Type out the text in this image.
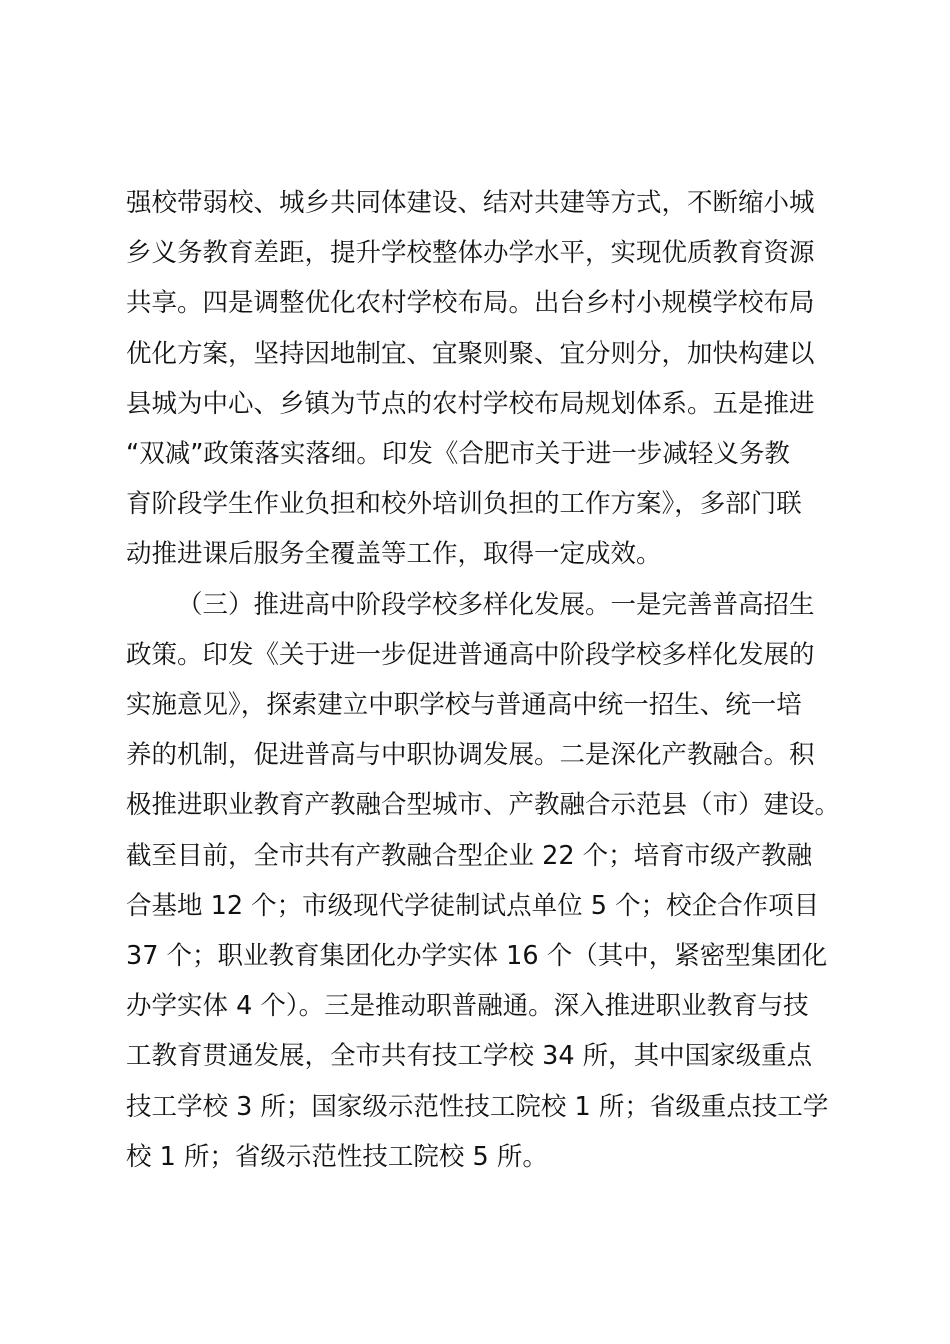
强校带弱校、城乡共同体建设、结对共建等方式，不断缩小城
乡义务教育差距，提升学校整体办学水平，实现优质教育资源
共享。四是调整优化农村学校布局。出台乡村小规模学校布局
优化方案，坚持因地制宜、宜聚则聚、宜分则分，加快构建以
县城为中心、乡镇为节点的农村学校布局规划体系。五是推进
“双减”政策落实落细。印发《合肥市关于进一步减轻义务教
育阶段学生作业负担和校外培训负担的工作方案》，多部门联
动推进课后服务全覆盖等工作，取得一定成效。
（三）推进高中阶段学校多样化发展。一是完善普高招生
政策。印发《关于进一步促进普通高中阶段学校多样化发展的
实施意见》，探索建立中职学校与普通高中统一招生、统一培
养的机制，促进普高与中职协调发展。二是深化产教融合。积
极推进职业教育产教融合型城市、产教融合示范县（市）建设。
截至目前，全市共有产教融合型企业 22 个；培育市级产教融
合基地 12 个；市级现代学徒制试点单位 5 个；校企合作项目
37 个；职业教育集团化办学实体 16 个（其中，紧密型集团化
办学实体 4 个）。三是推动职普融通。深入推进职业教育与技
工教育贯通发展，全市共有技工学校 34 所，其中国家级重点
技工学校 3 所；国家级示范性技工院校 1 所；省级重点技工学
校 1 所；省级示范性技工院校 5 所。
